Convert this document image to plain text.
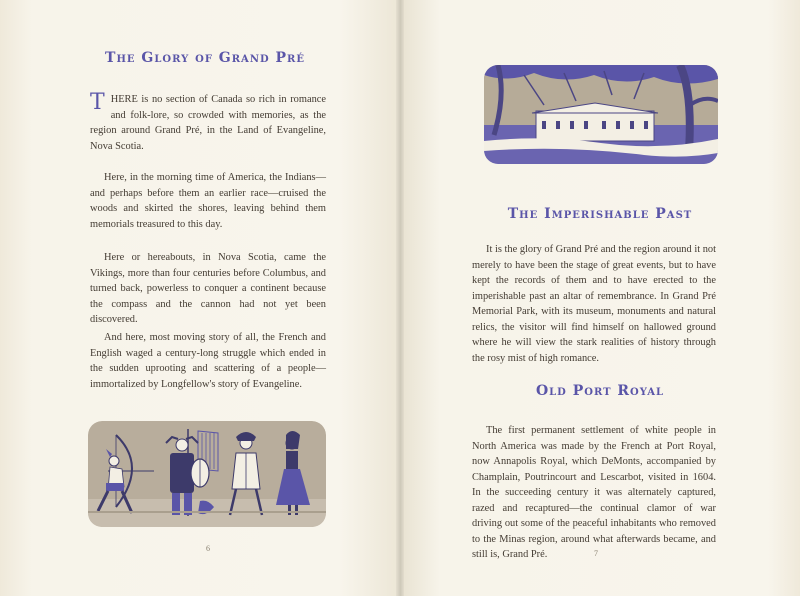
The Glory of Grand Pré

THERE is no section of Canada so rich in romance and folk-lore, so crowded with memories, as the region around Grand Pré, in the Land of Evangeline, Nova Scotia.

Here, in the morning time of America, the Indians—and perhaps before them an earlier race—cruised the woods and skirted the shores, leaving behind them memorials treasured to this day.
Here or hereabouts, in Nova Scotia, came the Vikings, more than four centuries before Columbus, and turned back, powerless to conquer a continent because the compass and the cannon had not yet been discovered.
And here, most moving story of all, the French and English waged a century-long struggle which ended in the sudden uprooting and scattering of a people—immortalized by Longfellow's story of Evangeline.
6
The Imperishable Past
It is the glory of Grand Pré and the region around it not merely to have been the stage of great events, but to have kept the records of them and to have erected to the imperishable past an altar of remembrance. In Grand Pré Memorial Park, with its museum, monuments and natural relics, the visitor will find himself on hallowed ground where he will view the stark realities of history through the rosy mist of high romance.
Old Port Royal
The first permanent settlement of white people in North America was made by the French at Port Royal, now Annapolis Royal, which DeMonts, accompanied by Champlain, Poutrincourt and Lescarbot, visited in 1604. In the succeeding century it was alternately captured, razed and recaptured—the continual clamor of war driving out some of the peaceful inhabitants who removed to the Minas region, around what afterwards became, and still is, Grand Pré.	7
